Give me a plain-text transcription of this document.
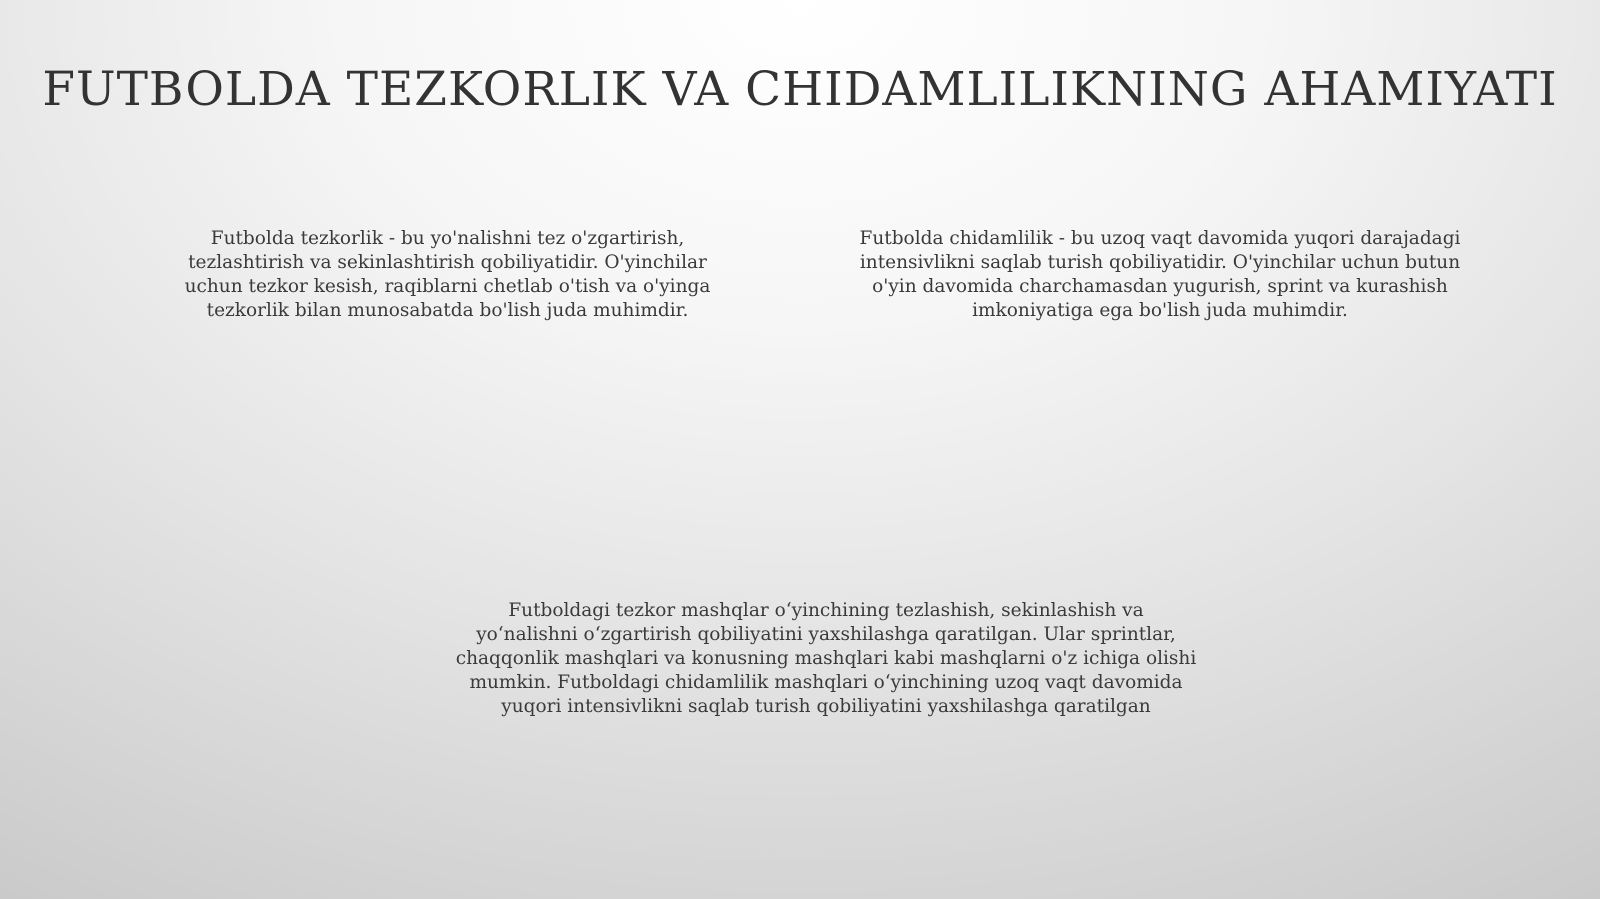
FUTBOLDA TEZKORLIK VA CHIDAMLILIKNING AHAMIYATI

Futbolda tezkorlik - bu yo'nalishni tez o'zgartirish, tezlashtirish va sekinlashtirish qobiliyatidir. O'yinchilar uchun tezkor kesish, raqiblarni chetlab o'tish va o'yinga tezkorlik bilan munosabatda bo'lish juda muhimdir.

Futbolda chidamlilik - bu uzoq vaqt davomida yuqori darajadagi intensivlikni saqlab turish qobiliyatidir. O'yinchilar uchun butun o'yin davomida charchamasdan yugurish, sprint va kurashish imkoniyatiga ega bo'lish juda muhimdir.

Futboldagi tezkor mashqlar o‘yinchining tezlashish, sekinlashish va yo‘nalishni o‘zgartirish qobiliyatini yaxshilashga qaratilgan. Ular sprintlar, chaqqonlik mashqlari va konusning mashqlari kabi mashqlarni o'z ichiga olishi mumkin. Futboldagi chidamlilik mashqlari o‘yinchining uzoq vaqt davomida yuqori intensivlikni saqlab turish qobiliyatini yaxshilashga qaratilgan
